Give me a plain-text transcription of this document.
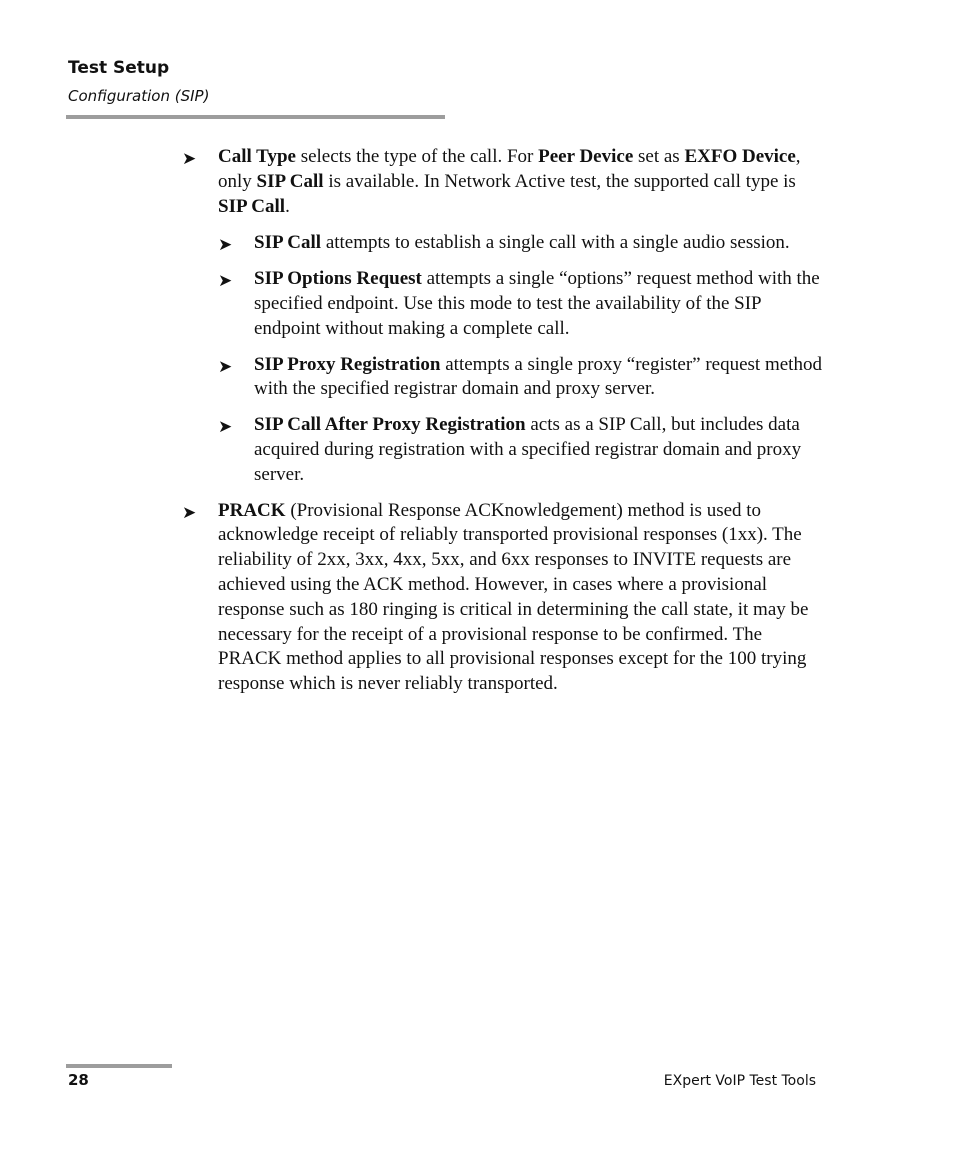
Test Setup
Configuration (SIP)
➤ Call Type selects the type of the call. For Peer Device set as EXFO Device, only SIP Call is available. In Network Active test, the supported call type is SIP Call.
➤ SIP Call attempts to establish a single call with a single audio session.
➤ SIP Options Request attempts a single “options” request method with the specified endpoint. Use this mode to test the availability of the SIP endpoint without making a complete call.
➤ SIP Proxy Registration attempts a single proxy “register” request method with the specified registrar domain and proxy server.
➤ SIP Call After Proxy Registration acts as a SIP Call, but includes data acquired during registration with a specified registrar domain and proxy server.
➤ PRACK (Provisional Response ACKnowledgement) method is used to acknowledge receipt of reliably transported provisional responses (1xx). The reliability of 2xx, 3xx, 4xx, 5xx, and 6xx responses to INVITE requests are achieved using the ACK method. However, in cases where a provisional response such as 180 ringing is critical in determining the call state, it may be necessary for the receipt of a provisional response to be confirmed. The PRACK method applies to all provisional responses except for the 100 trying response which is never reliably transported.
28	EXpert VoIP Test Tools
